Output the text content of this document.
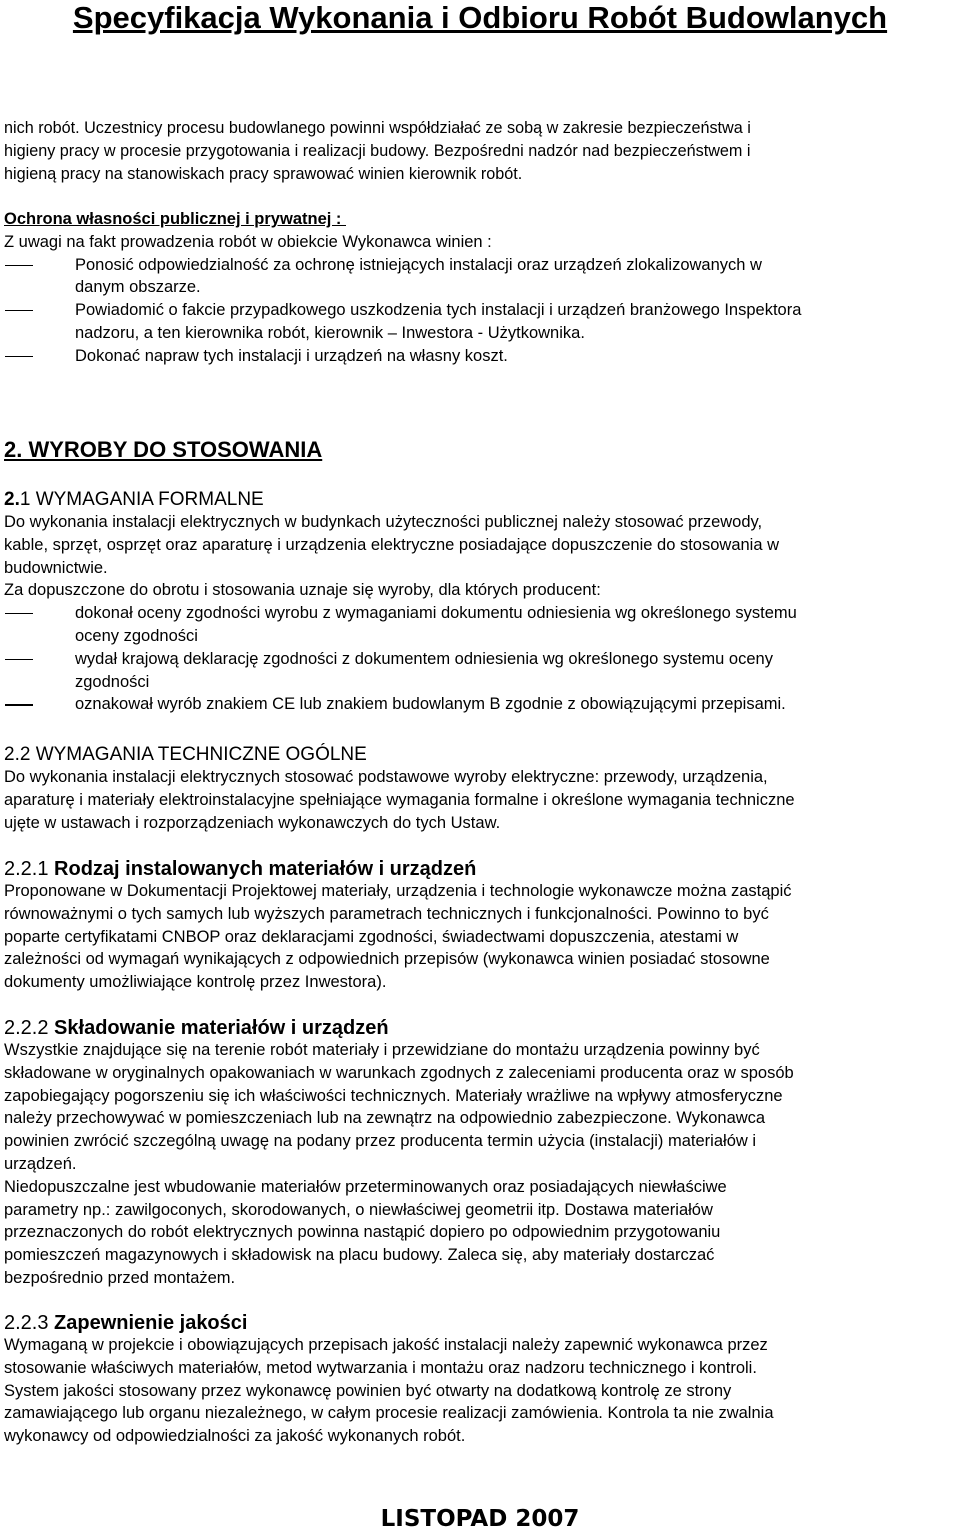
Specyfikacja Wykonania i Odbioru Robót Budowlanych
nich robót. Uczestnicy procesu budowlanego powinni współdziałać ze sobą w zakresie bezpieczeństwa i
higieny pracy w procesie przygotowania i realizacji budowy. Bezpośredni nadzór nad bezpieczeństwem i
higieną pracy na stanowiskach pracy sprawować winien kierownik robót.
Ochrona własności publicznej i prywatnej :
Z uwagi na fakt prowadzenia robót w obiekcie Wykonawca winien :
Ponosić odpowiedzialność za ochronę istniejących instalacji oraz urządzeń zlokalizowanych w
danym obszarze.
Powiadomić o fakcie przypadkowego uszkodzenia tych instalacji i urządzeń branżowego Inspektora
nadzoru, a ten kierownika robót, kierownik – Inwestora - Użytkownika.
Dokonać napraw tych instalacji i urządzeń na własny koszt.
2. WYROBY DO STOSOWANIA
2.1 WYMAGANIA FORMALNE
Do wykonania instalacji elektrycznych w budynkach użyteczności publicznej należy stosować przewody,
kable, sprzęt, osprzęt oraz aparaturę i urządzenia elektryczne posiadające dopuszczenie do stosowania w
budownictwie.
Za dopuszczone do obrotu i stosowania uznaje się wyroby, dla których producent:
dokonał oceny zgodności wyrobu z wymaganiami dokumentu odniesienia wg określonego systemu
oceny zgodności
wydał krajową deklarację zgodności z dokumentem odniesienia wg określonego systemu oceny
zgodności
oznakował wyrób znakiem CE lub znakiem budowlanym B zgodnie z obowiązującymi przepisami.
2.2 WYMAGANIA TECHNICZNE OGÓLNE
Do wykonania instalacji elektrycznych stosować podstawowe wyroby elektryczne: przewody, urządzenia,
aparaturę i materiały elektroinstalacyjne spełniające wymagania formalne i określone wymagania techniczne
ujęte w ustawach i rozporządzeniach wykonawczych do tych Ustaw.
2.2.1 Rodzaj instalowanych materiałów i urządzeń
Proponowane w Dokumentacji Projektowej materiały, urządzenia i technologie wykonawcze można zastąpić
równoważnymi o tych samych lub wyższych parametrach technicznych i funkcjonalności. Powinno to być
poparte certyfikatami CNBOP oraz deklaracjami zgodności, świadectwami dopuszczenia, atestami w
zależności od wymagań wynikających z odpowiednich przepisów (wykonawca winien posiadać stosowne
dokumenty umożliwiające kontrolę przez Inwestora).
2.2.2 Składowanie materiałów i urządzeń
Wszystkie znajdujące się na terenie robót materiały i przewidziane do montażu urządzenia powinny być
składowane w oryginalnych opakowaniach w warunkach zgodnych z zaleceniami producenta oraz w sposób
zapobiegający pogorszeniu się ich właściwości technicznych. Materiały wrażliwe na wpływy atmosferyczne
należy przechowywać w pomieszczeniach lub na zewnątrz na odpowiednio zabezpieczone. Wykonawca
powinien zwrócić szczególną uwagę na podany przez producenta termin użycia (instalacji) materiałów i
urządzeń.
Niedopuszczalne jest wbudowanie materiałów przeterminowanych oraz posiadających niewłaściwe
parametry np.: zawilgoconych, skorodowanych, o niewłaściwej geometrii itp. Dostawa materiałów
przeznaczonych do robót elektrycznych powinna nastąpić dopiero po odpowiednim przygotowaniu
pomieszczeń magazynowych i składowisk na placu budowy. Zaleca się, aby materiały dostarczać
bezpośrednio przed montażem.
2.2.3 Zapewnienie jakości
Wymaganą w projekcie i obowiązujących przepisach jakość instalacji należy zapewnić wykonawca przez
stosowanie właściwych materiałów, metod wytwarzania i montażu oraz nadzoru technicznego i kontroli.
System jakości stosowany przez wykonawcę powinien być otwarty na dodatkową kontrolę ze strony
zamawiającego lub organu niezależnego, w całym procesie realizacji zamówienia. Kontrola ta nie zwalnia
wykonawcy od odpowiedzialności za jakość wykonanych robót.
LISTOPAD 2007
